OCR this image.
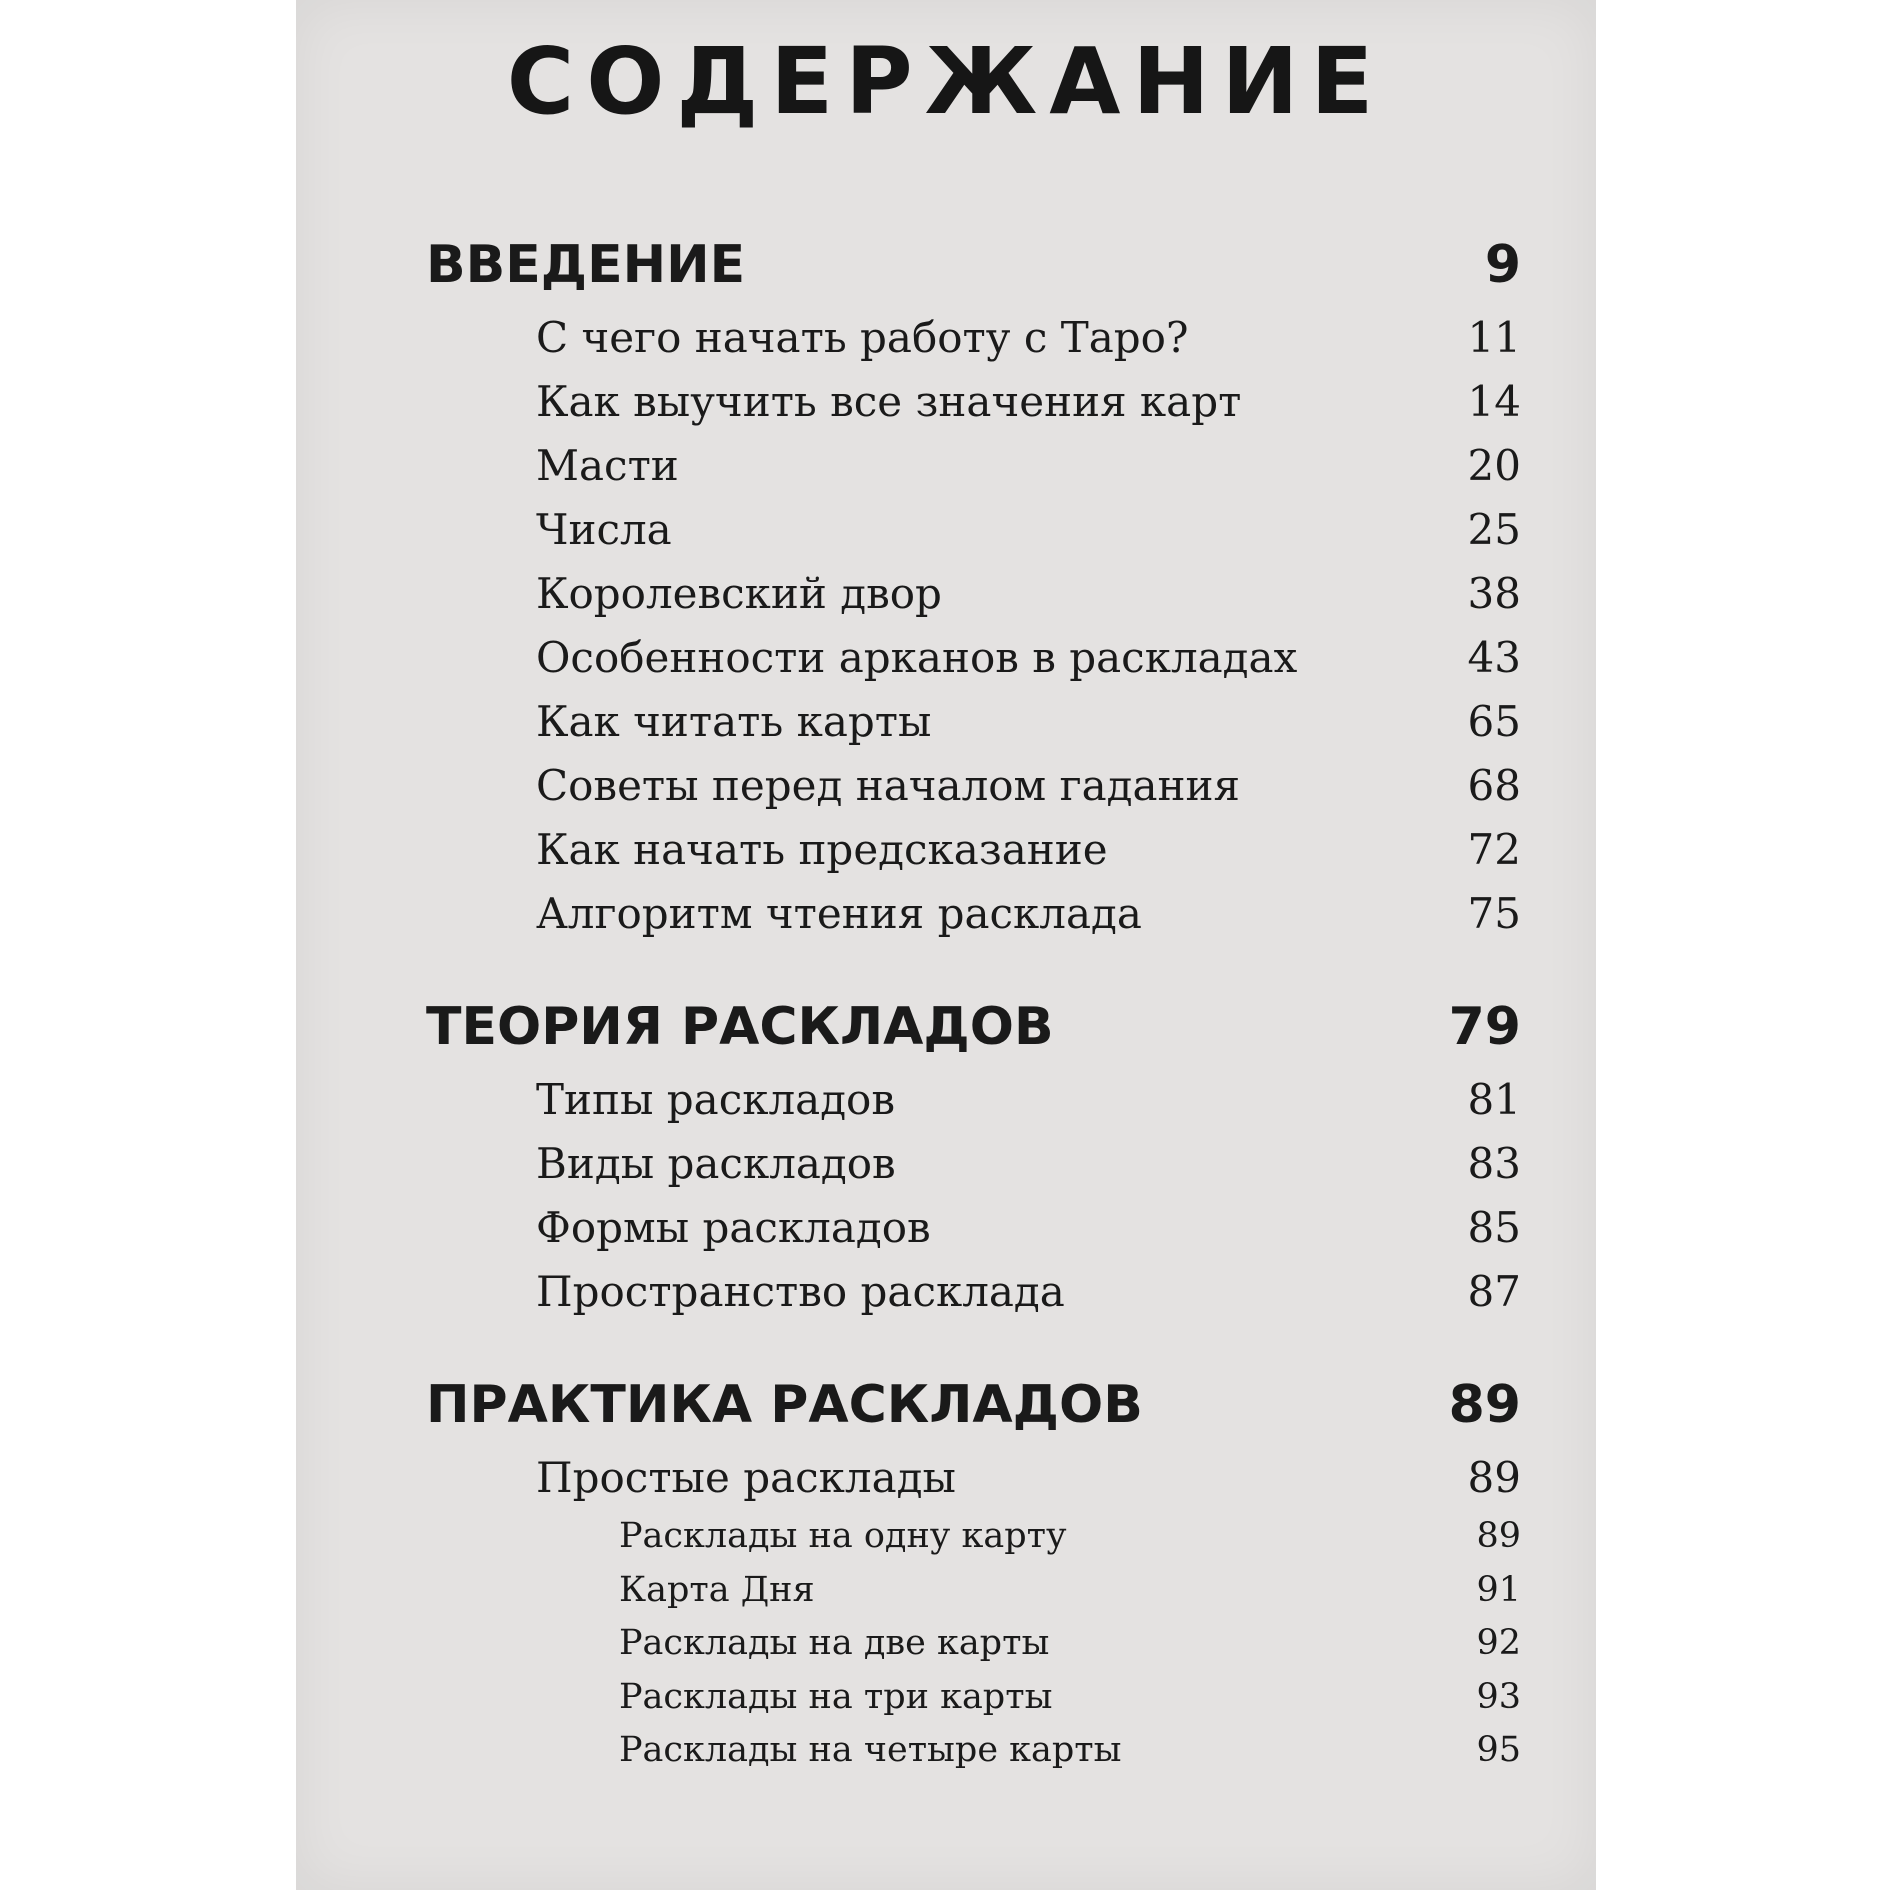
СОДЕРЖАНИЕ
ВВЕДЕНИЕ	9
С чего начать работу с Таро?	11
Как выучить все значения карт	14
Масти	20
Числа	25
Королевский двор	38
Особенности арканов в раскладах	43
Как читать карты	65
Советы перед началом гадания	68
Как начать предсказание	72
Алгоритм чтения расклада	75
ТЕОРИЯ РАСКЛАДОВ	79
Типы раскладов	81
Виды раскладов	83
Формы раскладов	85
Пространство расклада	87
ПРАКТИКА РАСКЛАДОВ	89
Простые расклады	89
Расклады на одну карту	89
Карта Дня	91
Расклады на две карты	92
Расклады на три карты	93
Расклады на четыре карты	95
